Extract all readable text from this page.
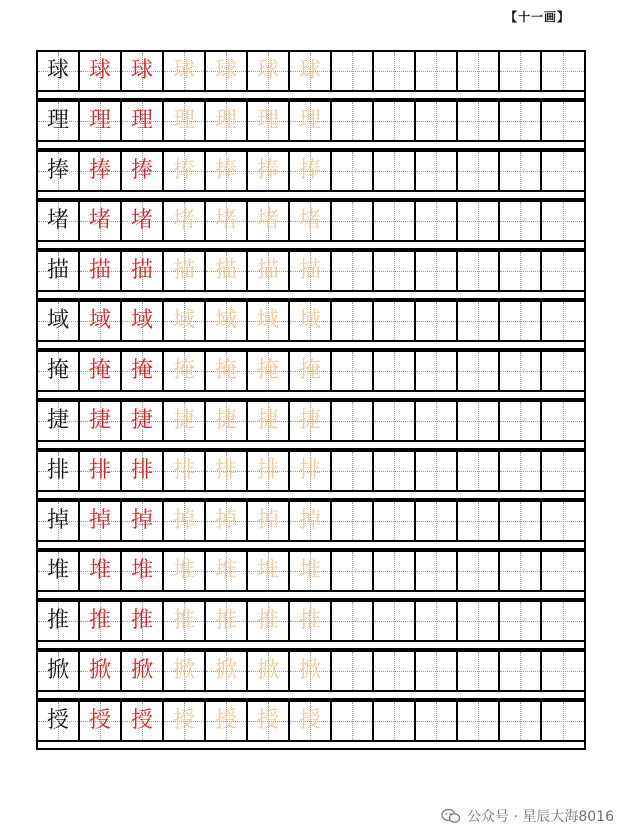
【十一画】
球 球 球 球 球 球 球
理 理 理 理 理 理 理
捧 捧 捧 捧 捧 捧 捧
堵 堵 堵 堵 堵 堵 堵
描 描 描 描 描 描 描
域 域 域 域 域 域 域
掩 掩 掩 掩 掩 掩 掩
捷 捷 捷 捷 捷 捷 捷
排 排 排 排 排 排 排
掉 掉 掉 掉 掉 掉 掉
堆 堆 堆 堆 堆 堆 堆
推 推 推 推 推 推 推
掀 掀 掀 掀 掀 掀 掀
授 授 授 授 授 授 授
公众号 · 星辰大海8016
